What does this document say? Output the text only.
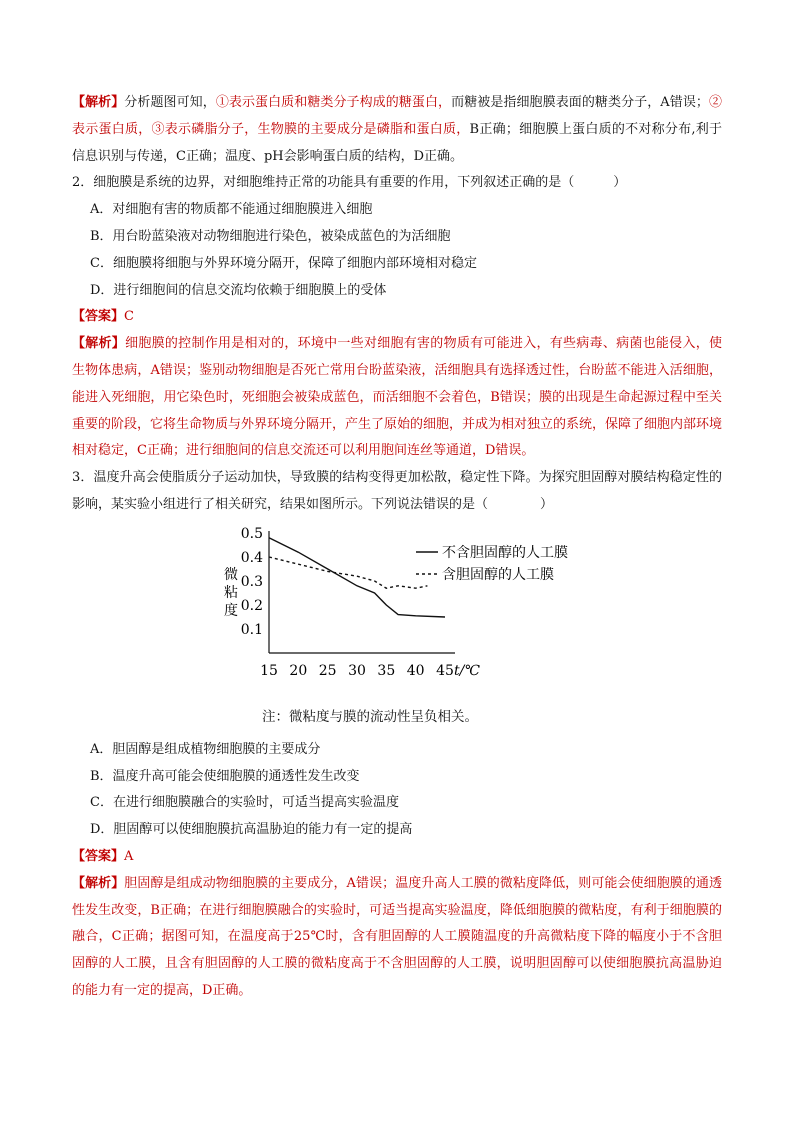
【解析】分析题图可知，①表示蛋白质和糖类分子构成的糖蛋白，而糖被是指细胞膜表面的糖类分子，A错误；②表示蛋白质，③表示磷脂分子，生物膜的主要成分是磷脂和蛋白质，B正确；细胞膜上蛋白质的不对称分布,利于信息识别与传递，C正确；温度、pH会影响蛋白质的结构，D正确。

2．细胞膜是系统的边界，对细胞维持正常的功能具有重要的作用，下列叙述正确的是（　　　）

A．对细胞有害的物质都不能通过细胞膜进入细胞

B．用台盼蓝染液对动物细胞进行染色，被染成蓝色的为活细胞

C．细胞膜将细胞与外界环境分隔开，保障了细胞内部环境相对稳定

D．进行细胞间的信息交流均依赖于细胞膜上的受体

【答案】C

【解析】细胞膜的控制作用是相对的，环境中一些对细胞有害的物质有可能进入，有些病毒、病菌也能侵入，使生物体患病，A错误；鉴别动物细胞是否死亡常用台盼蓝染液，活细胞具有选择透过性，台盼蓝不能进入活细胞，能进入死细胞，用它染色时，死细胞会被染成蓝色，而活细胞不会着色，B错误；膜的出现是生命起源过程中至关重要的阶段，它将生命物质与外界环境分隔开，产生了原始的细胞，并成为相对独立的系统，保障了细胞内部环境相对稳定，C正确；进行细胞间的信息交流还可以利用胞间连丝等通道，D错误。

3．温度升高会使脂质分子运动加快，导致膜的结构变得更加松散，稳定性下降。为探究胆固醇对膜结构稳定性的影响，某实验小组进行了相关研究，结果如图所示。下列说法错误的是（　　　　）

0.5
0.4
0.3
0.2
0.1
15 20 25 30 35 40 45 t/℃
微
粘
度
不含胆固醇的人工膜
含胆固醇的人工膜
注：微粘度与膜的流动性呈负相关。

A．胆固醇是组成植物细胞膜的主要成分

B．温度升高可能会使细胞膜的通透性发生改变

C．在进行细胞膜融合的实验时，可适当提高实验温度

D．胆固醇可以使细胞膜抗高温胁迫的能力有一定的提高

【答案】A

【解析】胆固醇是组成动物细胞膜的主要成分，A错误；温度升高人工膜的微粘度降低，则可能会使细胞膜的通透性发生改变，B正确；在进行细胞膜融合的实验时，可适当提高实验温度，降低细胞膜的微粘度，有利于细胞膜的融合，C正确；据图可知，在温度高于25℃时，含有胆固醇的人工膜随温度的升高微粘度下降的幅度小于不含胆固醇的人工膜，且含有胆固醇的人工膜的微粘度高于不含胆固醇的人工膜，说明胆固醇可以使细胞膜抗高温胁迫的能力有一定的提高，D正确。
